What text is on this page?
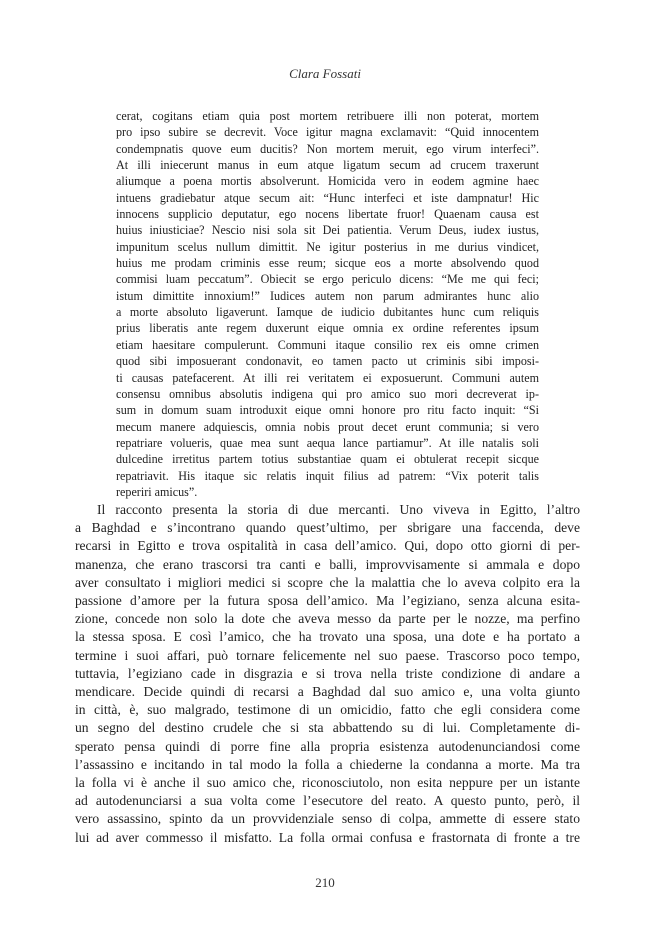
Clara Fossati
cerat, cogitans etiam quia post mortem retribuere illi non poterat, mortem
pro ipso subire se decrevit. Voce igitur magna exclamavit: “Quid innocentem
condempnatis quove eum ducitis? Non mortem meruit, ego virum interfeci”.
At illi iniecerunt manus in eum atque ligatum secum ad crucem traxerunt
aliumque a poena mortis absolverunt. Homicida vero in eodem agmine haec
intuens gradiebatur atque secum ait: “Hunc interfeci et iste dampnatur! Hic
innocens supplicio deputatur, ego nocens libertate fruor! Quaenam causa est
huius iniusticiae? Nescio nisi sola sit Dei patientia. Verum Deus, iudex iustus,
impunitum scelus nullum dimittit. Ne igitur posterius in me durius vindicet,
huius me prodam criminis esse reum; sicque eos a morte absolvendo quod
commisi luam peccatum”. Obiecit se ergo periculo dicens: “Me me qui feci;
istum dimittite innoxium!” Iudices autem non parum admirantes hunc alio
a morte absoluto ligaverunt. Iamque de iudicio dubitantes hunc cum reliquis
prius liberatis ante regem duxerunt eique omnia ex ordine referentes ipsum
etiam haesitare compulerunt. Communi itaque consilio rex eis omne crimen
quod sibi imposuerant condonavit, eo tamen pacto ut criminis sibi imposi-
ti causas patefacerent. At illi rei veritatem ei exposuerunt. Communi autem
consensu omnibus absolutis indigena qui pro amico suo mori decreverat ip-
sum in domum suam introduxit eique omni honore pro ritu facto inquit: “Si
mecum manere adquiescis, omnia nobis prout decet erunt communia; si vero
repatriare volueris, quae mea sunt aequa lance partiamur”. At ille natalis soli
dulcedine irretitus partem totius substantiae quam ei obtulerat recepit sicque
repatriavit. His itaque sic relatis inquit filius ad patrem: “Vix poterit talis
reperiri amicus”.
Il racconto presenta la storia di due mercanti. Uno viveva in Egitto, l’altro
a Baghdad e s’incontrano quando quest’ultimo, per sbrigare una faccenda, deve
recarsi in Egitto e trova ospitalità in casa dell’amico. Qui, dopo otto giorni di per-
manenza, che erano trascorsi tra canti e balli, improvvisamente si ammala e dopo
aver consultato i migliori medici si scopre che la malattia che lo aveva colpito era la
passione d’amore per la futura sposa dell’amico. Ma l’egiziano, senza alcuna esita-
zione, concede non solo la dote che aveva messo da parte per le nozze, ma perfino
la stessa sposa. E così l’amico, che ha trovato una sposa, una dote e ha portato a
termine i suoi affari, può tornare felicemente nel suo paese. Trascorso poco tempo,
tuttavia, l’egiziano cade in disgrazia e si trova nella triste condizione di andare a
mendicare. Decide quindi di recarsi a Baghdad dal suo amico e, una volta giunto
in città, è, suo malgrado, testimone di un omicidio, fatto che egli considera come
un segno del destino crudele che si sta abbattendo su di lui. Completamente di-
sperato pensa quindi di porre fine alla propria esistenza autodenunciandosi come
l’assassino e incitando in tal modo la folla a chiederne la condanna a morte. Ma tra
la folla vi è anche il suo amico che, riconosciutolo, non esita neppure per un istante
ad autodenunciarsi a sua volta come l’esecutore del reato. A questo punto, però, il
vero assassino, spinto da un provvidenziale senso di colpa, ammette di essere stato
lui ad aver commesso il misfatto. La folla ormai confusa e frastornata di fronte a tre
210
